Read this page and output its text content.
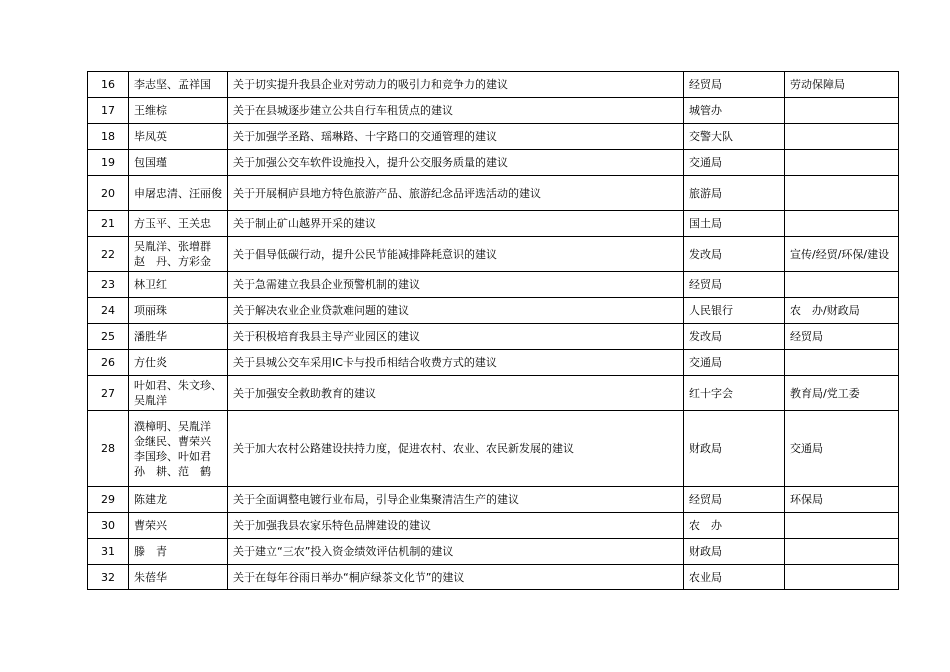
16	李志坚、孟祥国	关于切实提升我县企业对劳动力的吸引力和竞争力的建议	经贸局	劳动保障局
17	王维棕	关于在县城逐步建立公共自行车租赁点的建议	城管办	
18	毕凤英	关于加强学圣路、瑶琳路、十字路口的交通管理的建议	交警大队	
19	包国瑾	关于加强公交车软件设施投入，提升公交服务质量的建议	交通局	
20	申屠忠清、汪丽俊	关于开展桐庐县地方特色旅游产品、旅游纪念品评选活动的建议	旅游局	
21	方玉平、王关忠	关于制止矿山越界开采的建议	国土局	
22	吴胤洋、张增群
赵　丹、方彩金	关于倡导低碳行动，提升公民节能减排降耗意识的建议	发改局	宣传/经贸/环保/建设
23	林卫红	关于急需建立我县企业预警机制的建议	经贸局	
24	项丽珠	关于解决农业企业贷款难问题的建议	人民银行	农　办/财政局
25	潘胜华	关于积极培育我县主导产业园区的建议	发改局	经贸局
26	方仕炎	关于县城公交车采用IC卡与投币相结合收费方式的建议	交通局	
27	叶如君、朱文珍、吴胤洋	关于加强安全救助教育的建议	红十字会	教育局/党工委
28	濮樟明、吴胤洋
金继民、曹荣兴
李国珍、叶如君
孙　耕、范　鹤	关于加大农村公路建设扶持力度，促进农村、农业、农民新发展的建议	财政局	交通局
29	陈建龙	关于全面调整电镀行业布局，引导企业集聚清洁生产的建议	经贸局	环保局
30	曹荣兴	关于加强我县农家乐特色品牌建设的建议	农　办	
31	滕　青	关于建立“三农”投入资金绩效评估机制的建议	财政局	
32	朱蓓华	关于在每年谷雨日举办“桐庐绿茶文化节”的建议	农业局	
